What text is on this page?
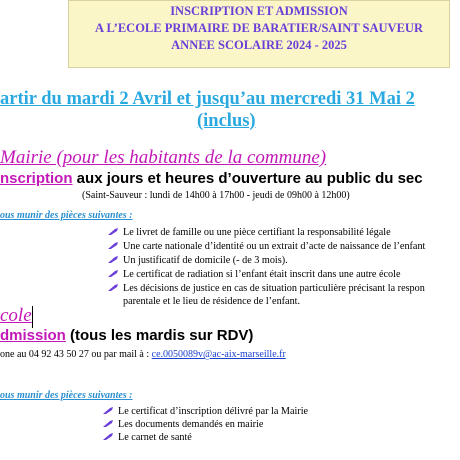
INSCRIPTION ET ADMISSION
A L’ECOLE PRIMAIRE DE BARATIER/SAINT SAUVEUR
ANNEE SCOLAIRE 2024 - 2025
artir du mardi 2 Avril et jusqu’au mercredi 31 Mai 2
(inclus)
Mairie (pour les habitants de la commune)
nscription aux jours et heures d’ouverture au public du sec
(Saint-Sauveur : lundi de 14h00 à 17h00 - jeudi de 09h00 à 12h00)
ous munir des pièces suivantes :
Le livret de famille ou une pièce certifiant la responsabilité légale
Une carte nationale d’identité ou un extrait d’acte de naissance de l’enfant
Un justificatif de domicile (- de 3 mois).
Le certificat de radiation si l’enfant était inscrit dans une autre école
Les décisions de justice en cas de situation particulière précisant la respon
parentale et le lieu de résidence de l’enfant.
cole
dmission (tous les mardis sur RDV)
one au 04 92 43 50 27 ou par mail à : ce.0050089v@ac-aix-marseille.fr
ous munir des pièces suivantes :
Le certificat d’inscription délivré par la Mairie
Les documents demandés en mairie
Le carnet de santé
